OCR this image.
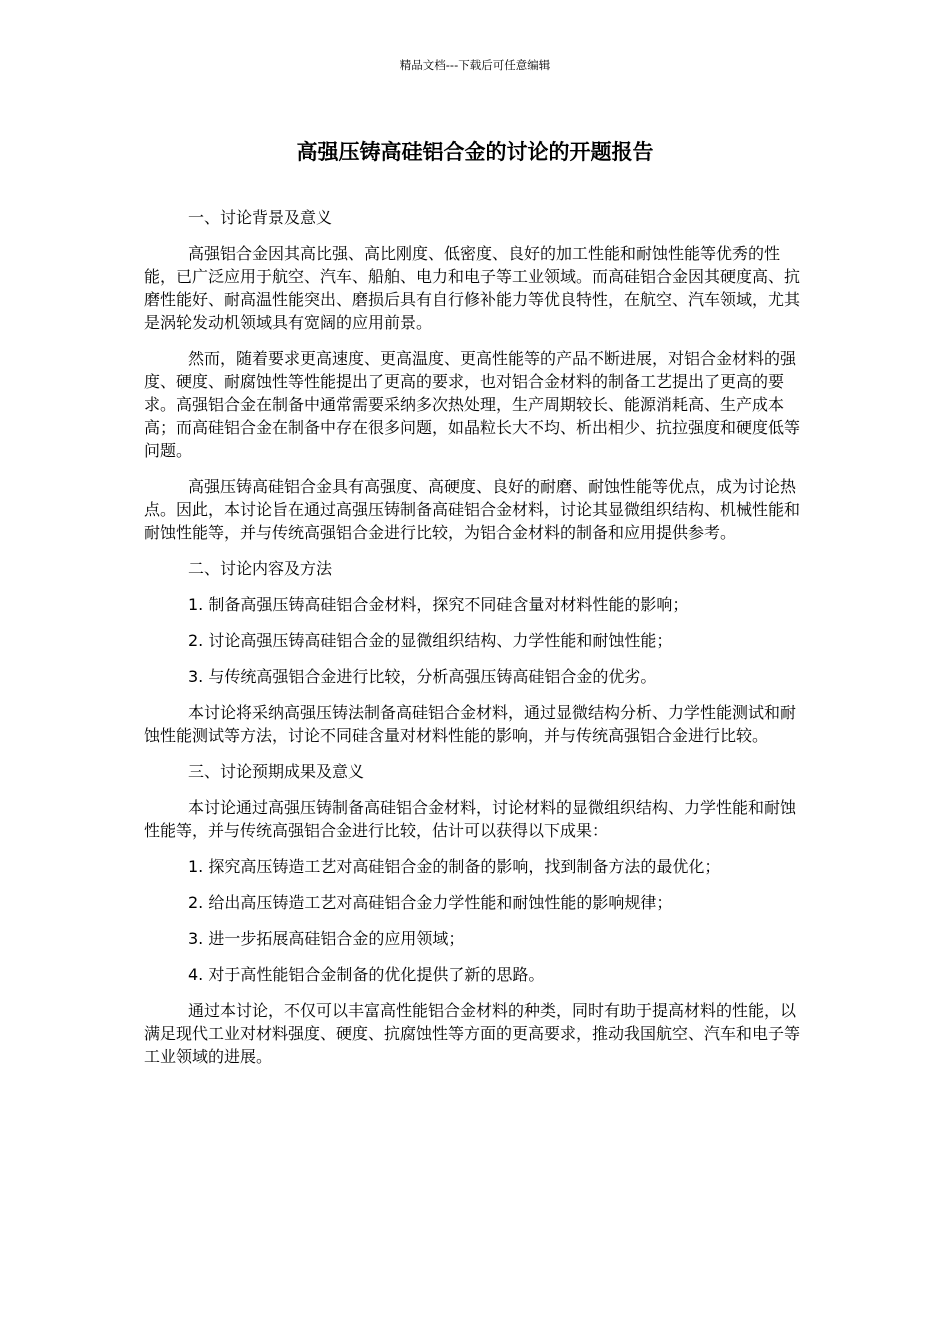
精品文档---下载后可任意编辑
高强压铸高硅铝合金的讨论的开题报告

一、讨论背景及意义

高强铝合金因其高比强、高比刚度、低密度、良好的加工性能和耐蚀性能等优秀的性能，已广泛应用于航空、汽车、船舶、电力和电子等工业领域。而高硅铝合金因其硬度高、抗磨性能好、耐高温性能突出、磨损后具有自行修补能力等优良特性，在航空、汽车领域，尤其是涡轮发动机领域具有宽阔的应用前景。

然而，随着要求更高速度、更高温度、更高性能等的产品不断进展，对铝合金材料的强度、硬度、耐腐蚀性等性能提出了更高的要求，也对铝合金材料的制备工艺提出了更高的要求。高强铝合金在制备中通常需要采纳多次热处理，生产周期较长、能源消耗高、生产成本高；而高硅铝合金在制备中存在很多问题，如晶粒长大不均、析出相少、抗拉强度和硬度低等问题。

高强压铸高硅铝合金具有高强度、高硬度、良好的耐磨、耐蚀性能等优点，成为讨论热点。因此，本讨论旨在通过高强压铸制备高硅铝合金材料，讨论其显微组织结构、机械性能和耐蚀性能等，并与传统高强铝合金进行比较，为铝合金材料的制备和应用提供参考。

二、讨论内容及方法

1. 制备高强压铸高硅铝合金材料，探究不同硅含量对材料性能的影响；

2. 讨论高强压铸高硅铝合金的显微组织结构、力学性能和耐蚀性能；

3. 与传统高强铝合金进行比较，分析高强压铸高硅铝合金的优劣。

本讨论将采纳高强压铸法制备高硅铝合金材料，通过显微结构分析、力学性能测试和耐蚀性能测试等方法，讨论不同硅含量对材料性能的影响，并与传统高强铝合金进行比较。

三、讨论预期成果及意义

本讨论通过高强压铸制备高硅铝合金材料，讨论材料的显微组织结构、力学性能和耐蚀性能等，并与传统高强铝合金进行比较，估计可以获得以下成果：

1. 探究高压铸造工艺对高硅铝合金的制备的影响，找到制备方法的最优化；

2. 给出高压铸造工艺对高硅铝合金力学性能和耐蚀性能的影响规律；

3. 进一步拓展高硅铝合金的应用领域；

4. 对于高性能铝合金制备的优化提供了新的思路。

通过本讨论，不仅可以丰富高性能铝合金材料的种类，同时有助于提高材料的性能，以满足现代工业对材料强度、硬度、抗腐蚀性等方面的更高要求，推动我国航空、汽车和电子等工业领域的进展。
